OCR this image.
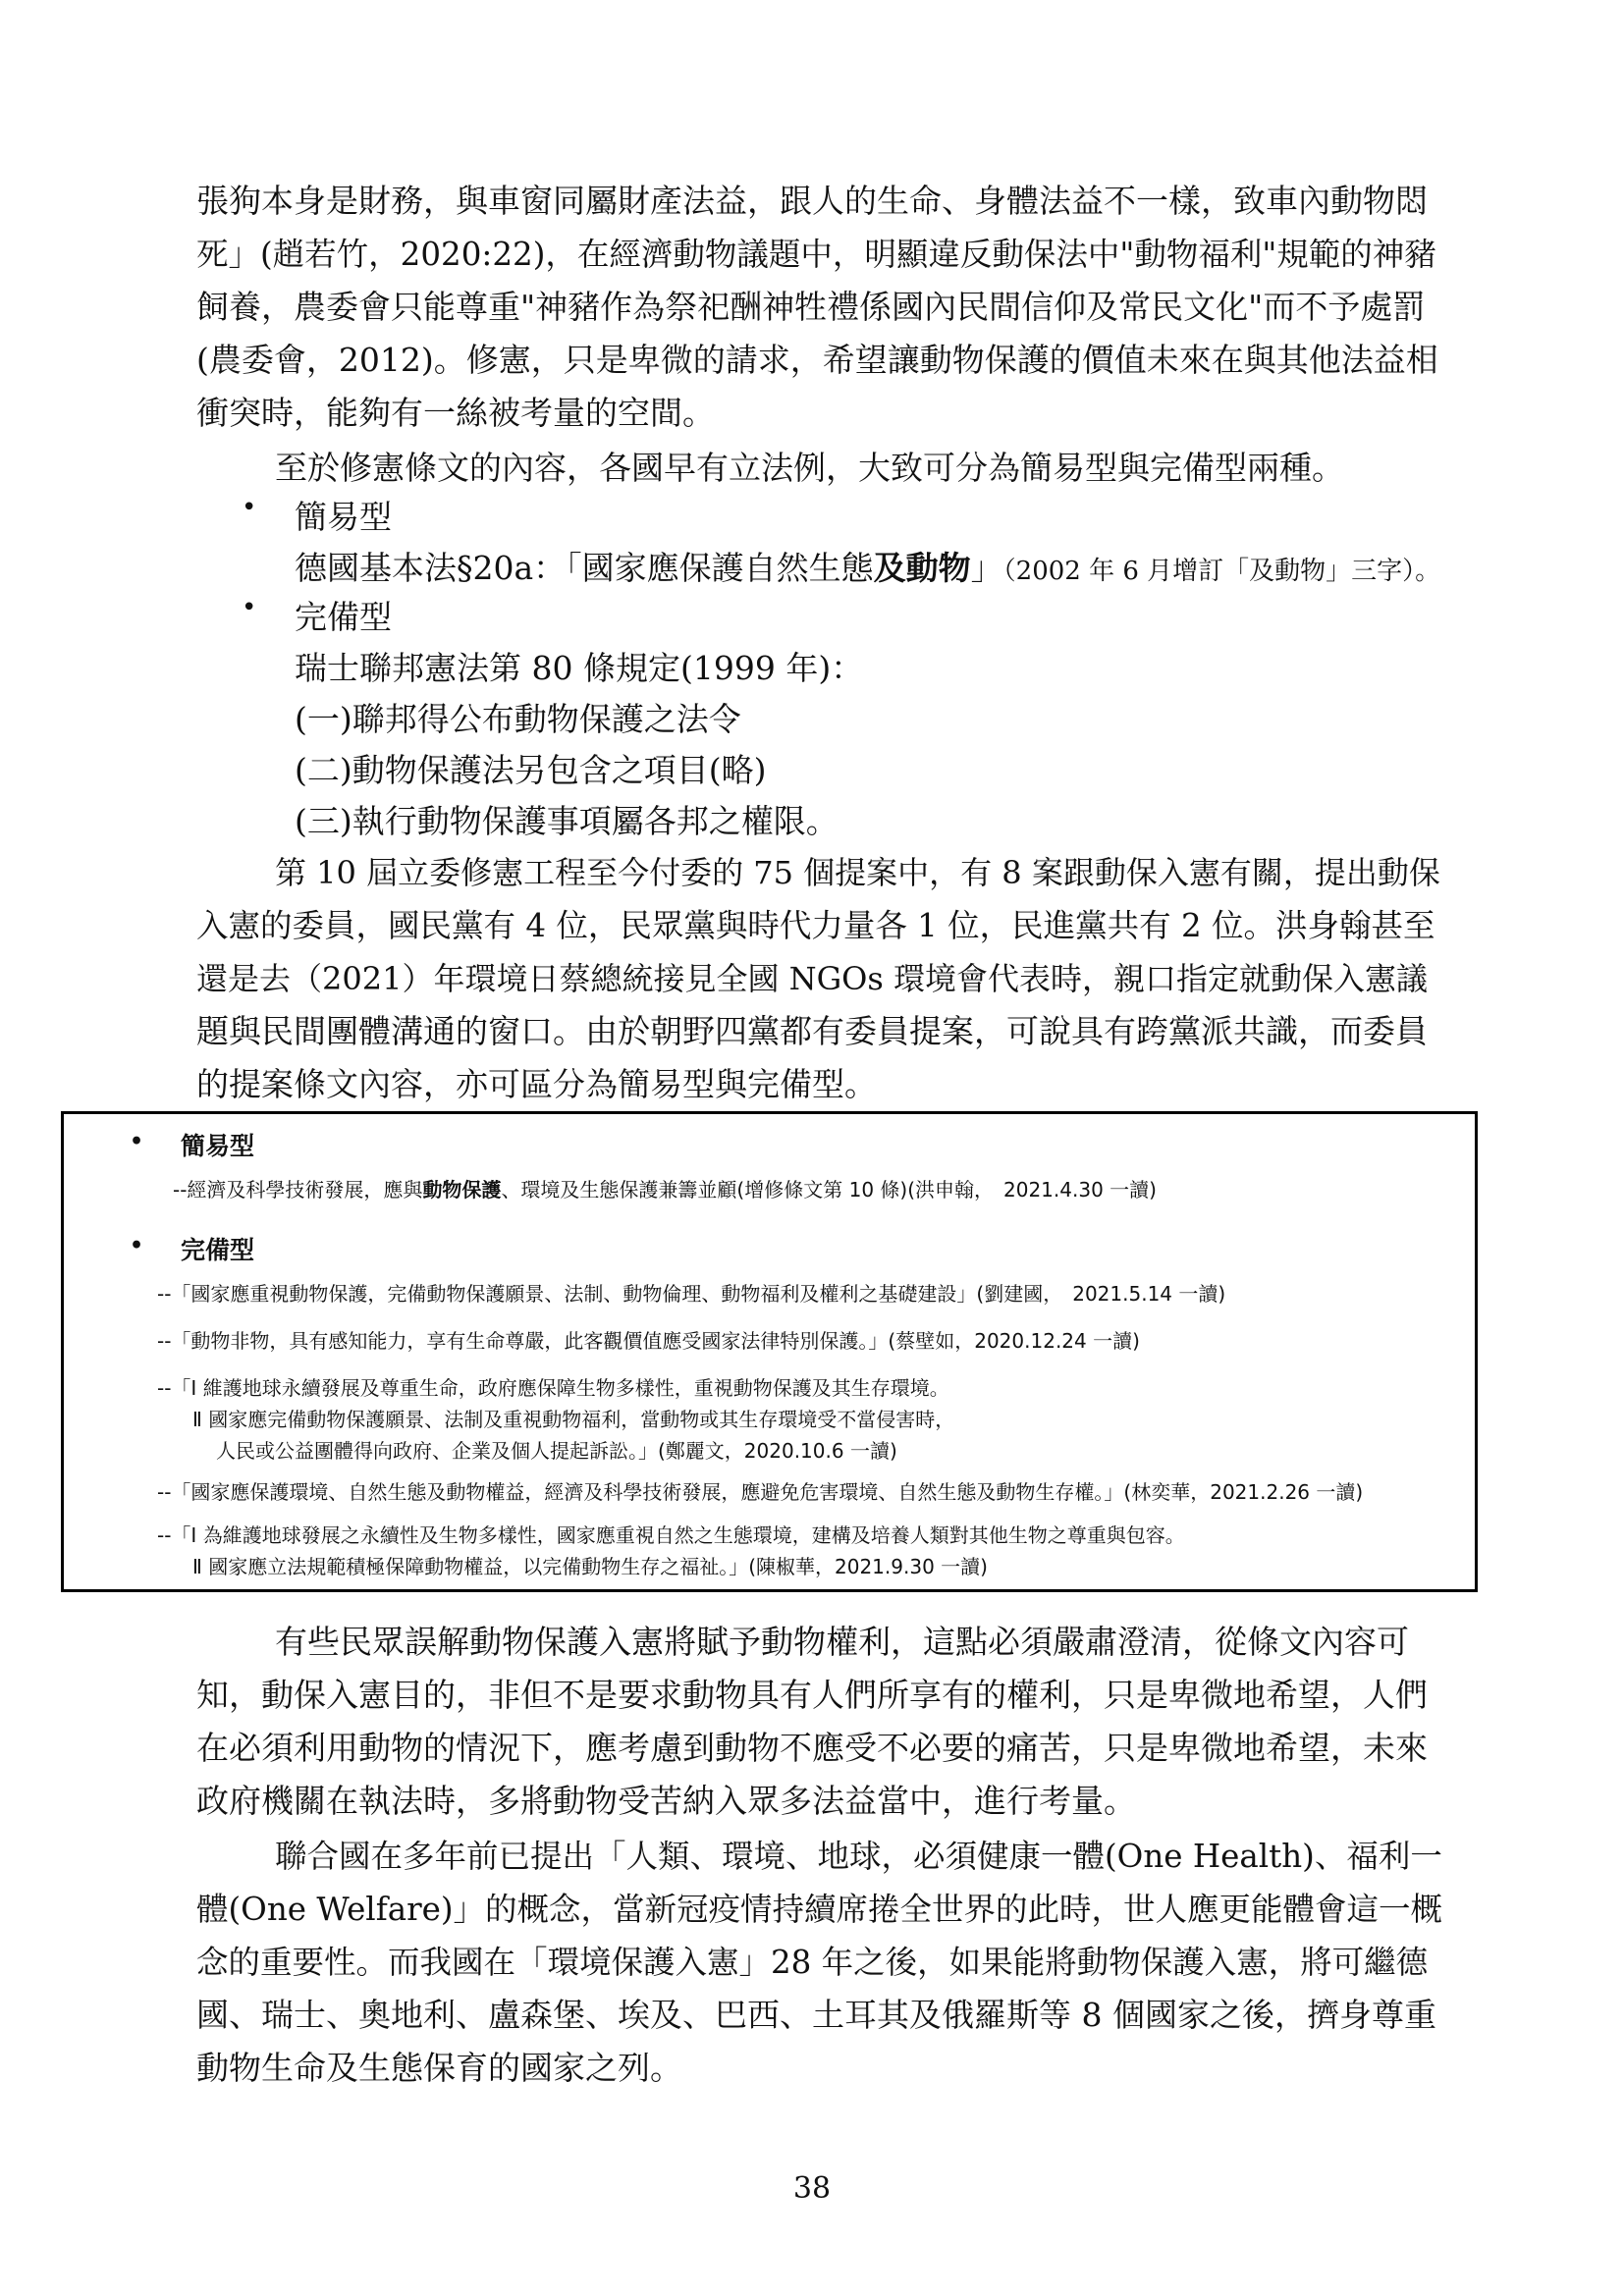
張狗本身是財務，與車窗同屬財產法益，跟人的生命、身體法益不一樣，致車內動物悶
死」(趙若竹，2020:22)，在經濟動物議題中，明顯違反動保法中"動物福利"規範的神豬
飼養，農委會只能尊重"神豬作為祭祀酬神牲禮係國內民間信仰及常民文化"而不予處罰
(農委會，2012)。修憲，只是卑微的請求，希望讓動物保護的價值未來在與其他法益相
衝突時，能夠有一絲被考量的空間。
至於修憲條文的內容，各國早有立法例，大致可分為簡易型與完備型兩種。
• 簡易型
德國基本法§20a：「國家應保護自然生態及動物」（2002 年 6 月增訂「及動物」三字）。
• 完備型
瑞士聯邦憲法第 80 條規定(1999 年)：
(一)聯邦得公布動物保護之法令
(二)動物保護法另包含之項目(略)
(三)執行動物保護事項屬各邦之權限。
第 10 屆立委修憲工程至今付委的 75 個提案中，有 8 案跟動保入憲有關，提出動保
入憲的委員，國民黨有 4 位，民眾黨與時代力量各 1 位，民進黨共有 2 位。洪身翰甚至
還是去（2021）年環境日蔡總統接見全國 NGOs 環境會代表時，親口指定就動保入憲議
題與民間團體溝通的窗口。由於朝野四黨都有委員提案，可說具有跨黨派共識，而委員
的提案條文內容，亦可區分為簡易型與完備型。
• 簡易型
--經濟及科學技術發展，應與動物保護、環境及生態保護兼籌並顧(增修條文第 10 條)(洪申翰，　2021.4.30 一讀)
• 完備型
--「國家應重視動物保護，完備動物保護願景、法制、動物倫理、動物福利及權利之基礎建設」(劉建國，　2021.5.14 一讀)
--「動物非物，具有感知能力，享有生命尊嚴，此客觀價值應受國家法律特別保護。」(蔡壁如，2020.12.24 一讀)
--「I 維護地球永續發展及尊重生命，政府應保障生物多樣性，重視動物保護及其生存環境。
Ⅱ 國家應完備動物保護願景、法制及重視動物福利，當動物或其生存環境受不當侵害時，
人民或公益團體得向政府、企業及個人提起訴訟。」(鄭麗文，2020.10.6 一讀)
--「國家應保護環境、自然生態及動物權益，經濟及科學技術發展，應避免危害環境、自然生態及動物生存權。」(林奕華，2021.2.26 一讀)
--「I 為維護地球發展之永續性及生物多樣性，國家應重視自然之生態環境，建構及培養人類對其他生物之尊重與包容。
Ⅱ 國家應立法規範積極保障動物權益，以完備動物生存之福祉。」(陳椒華，2021.9.30 一讀)
有些民眾誤解動物保護入憲將賦予動物權利，這點必須嚴肅澄清，從條文內容可
知，動保入憲目的，非但不是要求動物具有人們所享有的權利，只是卑微地希望，人們
在必須利用動物的情況下，應考慮到動物不應受不必要的痛苦，只是卑微地希望，未來
政府機關在執法時，多將動物受苦納入眾多法益當中，進行考量。
聯合國在多年前已提出「人類、環境、地球，必須健康一體(One Health)、福利一
體(One Welfare)」的概念，當新冠疫情持續席捲全世界的此時，世人應更能體會這一概
念的重要性。而我國在「環境保護入憲」28 年之後，如果能將動物保護入憲，將可繼德
國、瑞士、奧地利、盧森堡、埃及、巴西、土耳其及俄羅斯等 8 個國家之後，擠身尊重
動物生命及生態保育的國家之列。
38
